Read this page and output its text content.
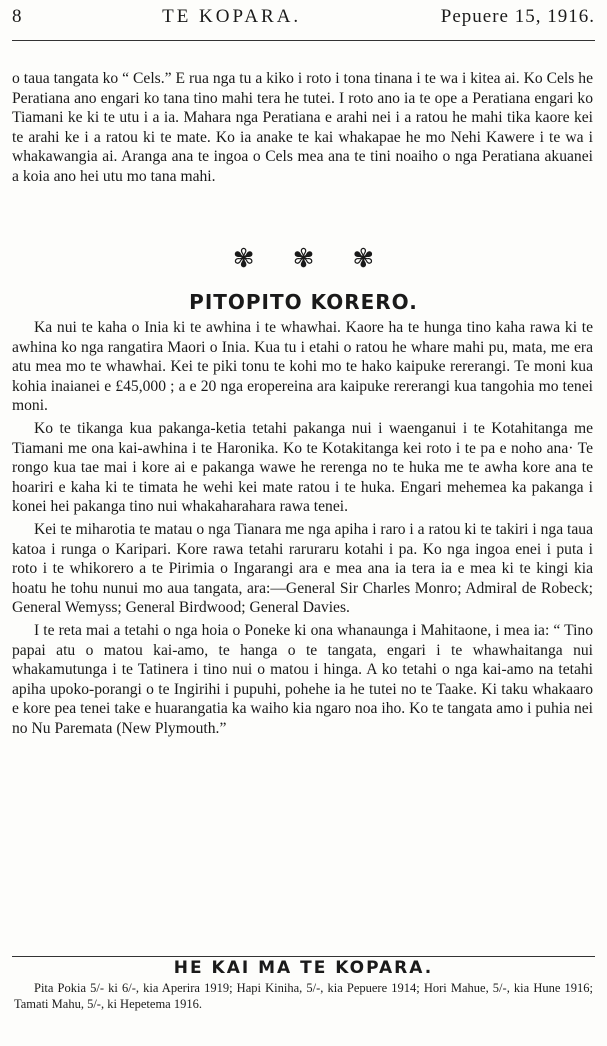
8	TE KOPARA.	Pepuere 15, 1916.
o taua tangata ko “ Cels.” E rua nga tu a kiko i roto i tona tinana i te wa i kitea ai. Ko Cels he Peratiana ano engari ko tana tino mahi tera he tutei. I roto ano ia te ope a Peratiana engari ko Tiamani ke ki te utu i a ia. Mahara nga Peratiana e arahi nei i a ratou he mahi tika kaore kei te arahi ke i a ratou ki te mate. Ko ia anake te kai whakapae he mo Nehi Kawere i te wa i whakawangia ai. Aranga ana te ingoa o Cels mea ana te tini noaiho o nga Peratiana akuanei a koia ano hei utu mo tana mahi.
✾ ✾ ✾
PITOPITO KORERO.

Ka nui te kaha o Inia ki te awhina i te whawhai. Kaore ha te hunga tino kaha rawa ki te awhina ko nga rangatira Maori o Inia. Kua tu i etahi o ratou he whare mahi pu, mata, me era atu mea mo te whawhai. Kei te piki tonu te kohi mo te hako kaipuke rererangi. Te moni kua kohia inaianei e £45,000 ; a e 20 nga eropereina ara kaipuke rererangi kua tangohia mo tenei moni.

Ko te tikanga kua pakanga-ketia tetahi pakanga nui i waenganui i te Kotahitanga me Tiamani me ona kai-awhina i te Haronika. Ko te Kotakitanga kei roto i te pa e noho ana· Te rongo kua tae mai i kore ai e pakanga wawe he rerenga no te huka me te awha kore ana te hoariri e kaha ki te timata he wehi kei mate ratou i te huka. Engari mehemea ka pakanga i konei hei pakanga tino nui whakaharahara rawa tenei.

Kei te miharotia te matau o nga Tianara me nga apiha i raro i a ratou ki te takiri i nga taua katoa i runga o Karipari. Kore rawa tetahi raruraru kotahi i pa. Ko nga ingoa enei i puta i roto i te whikorero a te Pirimia o Ingarangi ara e mea ana ia tera ia e mea ki te kingi kia hoatu he tohu nunui mo aua tangata, ara:—General Sir Charles Monro; Admiral de Robeck; General Wemyss; General Birdwood; General Davies.

I te reta mai a tetahi o nga hoia o Poneke ki ona whanaunga i Mahitaone, i mea ia: “ Tino papai atu o matou kai-amo, te hanga o te tangata, engari i te whawhaitanga nui whakamutunga i te Tatinera i tino nui o matou i hinga. A ko tetahi o nga kai-amo na tetahi apiha upoko-porangi o te Ingirihi i pupuhi, pohehe ia he tutei no te Taake. Ki taku whakaaro e kore pea tenei take e huarangatia ka waiho kia ngaro noa iho. Ko te tangata amo i puhia nei no Nu Paremata (New Plymouth.”

HE KAI MA TE KOPARA.
Pita Pokia 5/- ki 6/-, kia Aperira 1919; Hapi Kiniha, 5/-, kia Pepuere 1914; Hori Mahue, 5/-, kia Hune 1916; Tamati Mahu, 5/-, ki Hepetema 1916.
